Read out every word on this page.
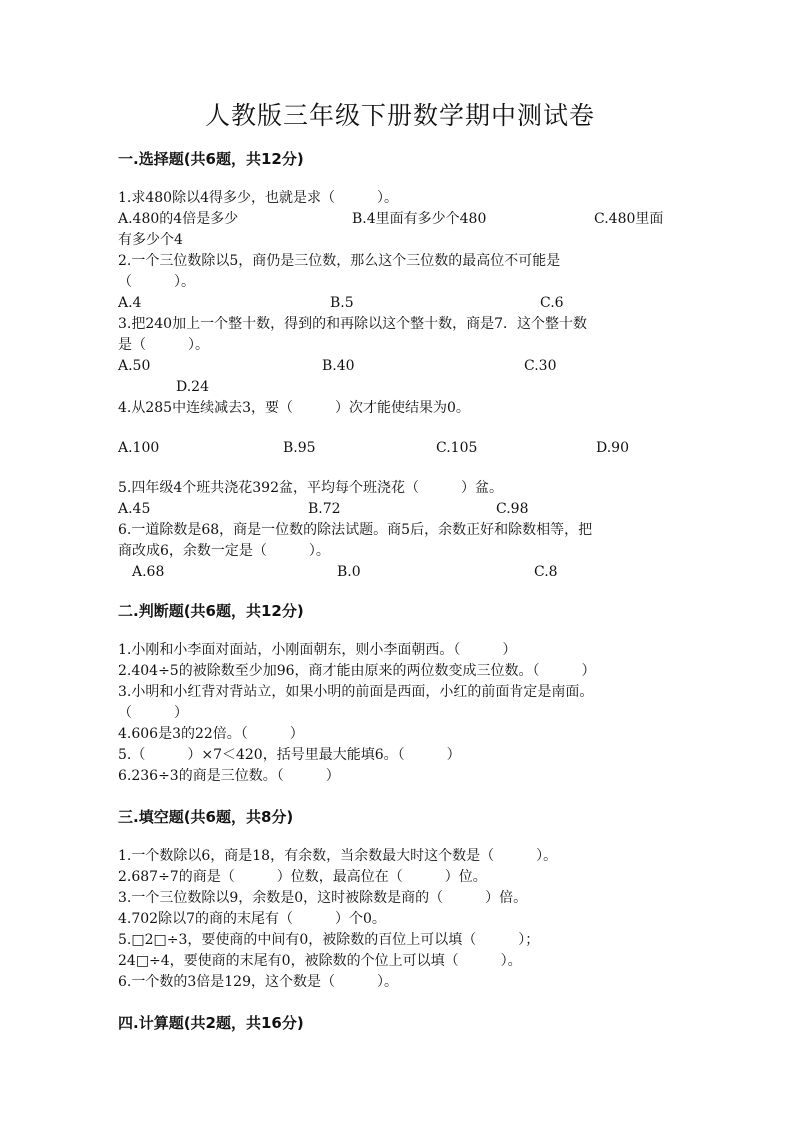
人教版三年级下册数学期中测试卷
一.选择题(共6题，共12分)
1.求480除以4得多少，也就是求（　　　）。
A.480的4倍是多少	B.4里面有多少个480	C.480里面
有多少个4
2.一个三位数除以5，商仍是三位数，那么这个三位数的最高位不可能是
（　　　）。
A.4	B.5	C.6
3.把240加上一个整十数，得到的和再除以这个整十数，商是7．这个整十数
是（　　　）。
A.50	B.40	C.30
D.24
4.从285中连续减去3，要（　　　）次才能使结果为0。
A.100	B.95	C.105	D.90
5.四年级4个班共浇花392盆，平均每个班浇花（　　　）盆。
A.45	B.72	C.98
6.一道除数是68，商是一位数的除法试题。商5后，余数正好和除数相等，把
商改成6，余数一定是（　　　）。
A.68	B.0	C.8
二.判断题(共6题，共12分)
1.小刚和小李面对面站，小刚面朝东，则小李面朝西。（　　　）
2.404÷5的被除数至少加96，商才能由原来的两位数变成三位数。（　　　）
3.小明和小红背对背站立，如果小明的前面是西面，小红的前面肯定是南面。
（　　　）
4.606是3的22倍。（　　　）
5.（　　　）×7＜420，括号里最大能填6。（　　　）
6.236÷3的商是三位数。（　　　）
三.填空题(共6题，共8分)
1.一个数除以6，商是18，有余数，当余数最大时这个数是（　　　）。
2.687÷7的商是（　　　）位数，最高位在（　　　）位。
3.一个三位数除以9，余数是0，这时被除数是商的（　　　）倍。
4.702除以7的商的末尾有（　　　）个0。
5.□2□÷3，要使商的中间有0，被除数的百位上可以填（　　　）；
24□÷4，要使商的末尾有0，被除数的个位上可以填（　　　）。
6.一个数的3倍是129，这个数是（　　　）。
四.计算题(共2题，共16分)
